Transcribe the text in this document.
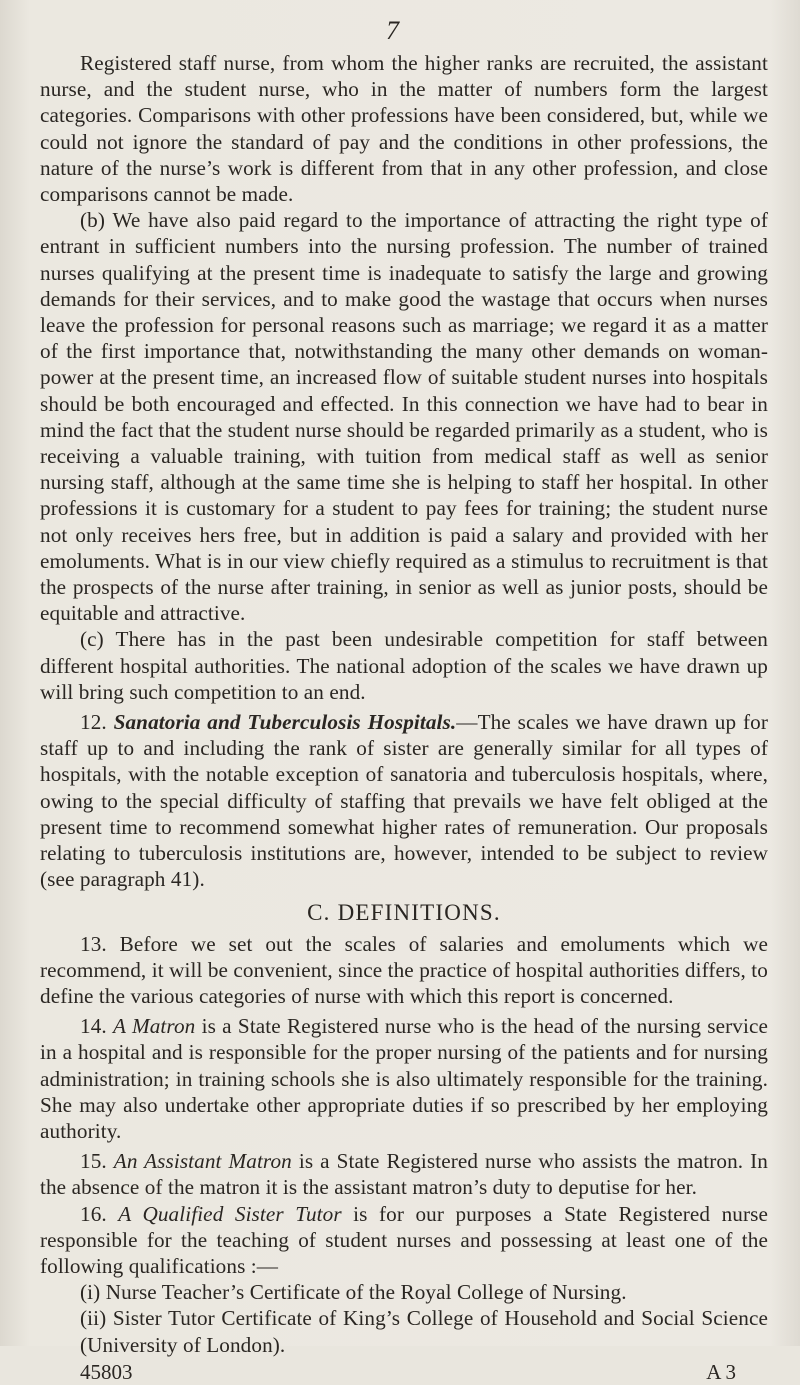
7

Registered staff nurse, from whom the higher ranks are recruited, the assistant nurse, and the student nurse, who in the matter of numbers form the largest categories. Comparisons with other professions have been considered, but, while we could not ignore the standard of pay and the conditions in other professions, the nature of the nurse’s work is different from that in any other profession, and close comparisons cannot be made.

(b) We have also paid regard to the importance of attracting the right type of entrant in sufficient numbers into the nursing profession. The number of trained nurses qualifying at the present time is inadequate to satisfy the large and growing demands for their services, and to make good the wastage that occurs when nurses leave the profession for personal reasons such as marriage; we regard it as a matter of the first importance that, notwithstanding the many other demands on woman-power at the present time, an increased flow of suitable student nurses into hospitals should be both encouraged and effected. In this connection we have had to bear in mind the fact that the student nurse should be regarded primarily as a student, who is receiving a valuable training, with tuition from medical staff as well as senior nursing staff, although at the same time she is helping to staff her hospital. In other professions it is customary for a student to pay fees for training; the student nurse not only receives hers free, but in addition is paid a salary and provided with her emoluments. What is in our view chiefly required as a stimulus to recruitment is that the prospects of the nurse after training, in senior as well as junior posts, should be equitable and attractive.

(c) There has in the past been undesirable competition for staff between different hospital authorities. The national adoption of the scales we have drawn up will bring such competition to an end.

12. Sanatoria and Tuberculosis Hospitals.—The scales we have drawn up for staff up to and including the rank of sister are generally similar for all types of hospitals, with the notable exception of sanatoria and tuberculosis hospitals, where, owing to the special difficulty of staffing that prevails we have felt obliged at the present time to recommend somewhat higher rates of remuneration. Our proposals relating to tuberculosis institutions are, however, intended to be subject to review (see paragraph 41).

C. DEFINITIONS.

13. Before we set out the scales of salaries and emoluments which we recommend, it will be convenient, since the practice of hospital authorities differs, to define the various categories of nurse with which this report is concerned.

14. A Matron is a State Registered nurse who is the head of the nursing service in a hospital and is responsible for the proper nursing of the patients and for nursing administration; in training schools she is also ultimately responsible for the training. She may also undertake other appropriate duties if so prescribed by her employing authority.

15. An Assistant Matron is a State Registered nurse who assists the matron. In the absence of the matron it is the assistant matron’s duty to deputise for her.

16. A Qualified Sister Tutor is for our purposes a State Registered nurse responsible for the teaching of student nurses and possessing at least one of the following qualifications :—

(i) Nurse Teacher’s Certificate of the Royal College of Nursing.

(ii) Sister Tutor Certificate of King’s College of Household and Social Science (University of London).

45803	A 3
